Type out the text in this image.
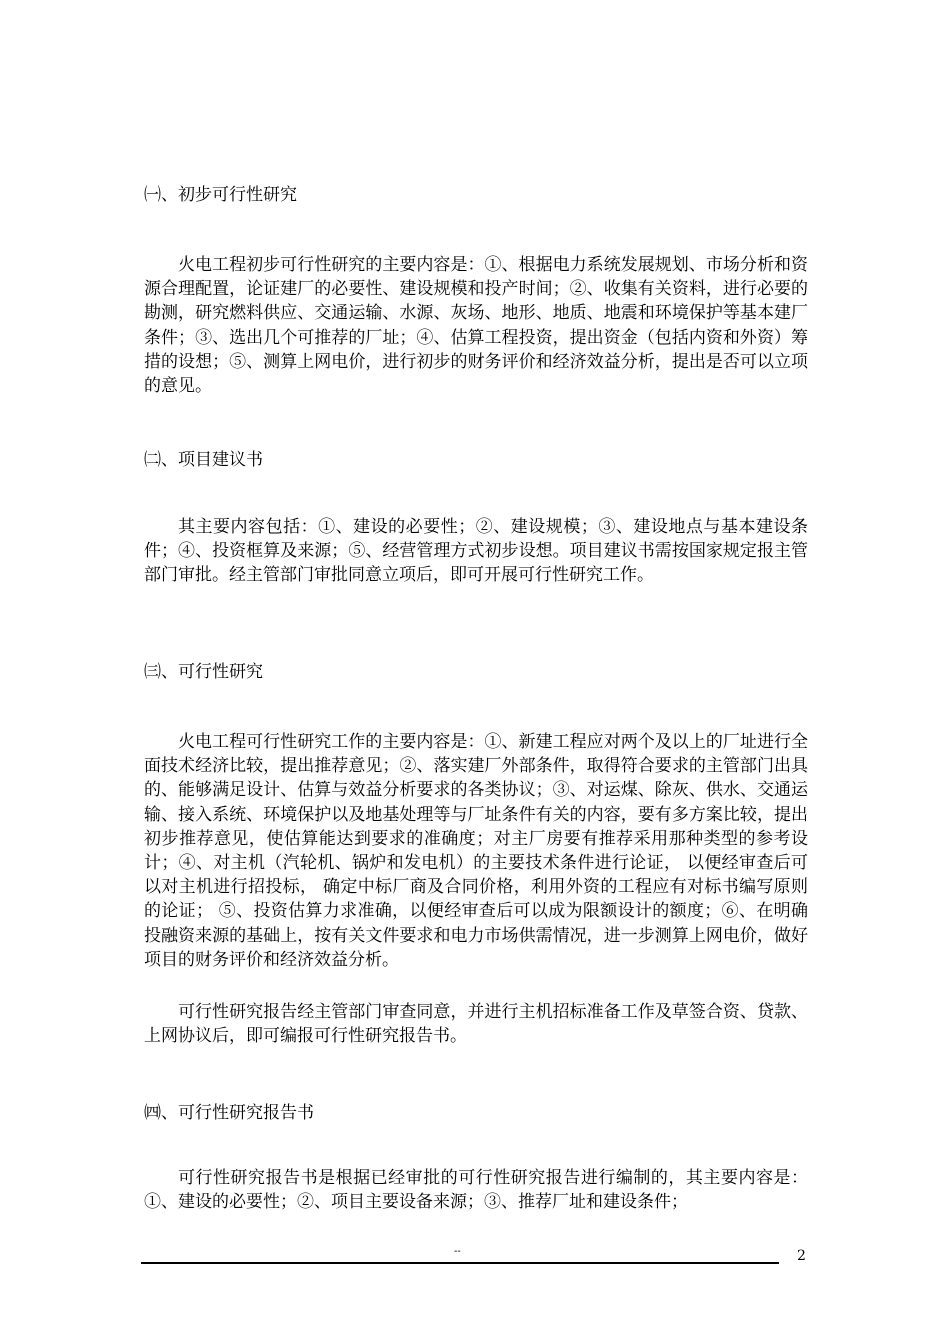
㈠、初步可行性研究

火电工程初步可行性研究的主要内容是：①、根据电力系统发展规划、市场分析和资源合理配置，论证建厂的必要性、建设规模和投产时间；②、收集有关资料，进行必要的勘测，研究燃料供应、交通运输、水源、灰场、地形、地质、地震和环境保护等基本建厂条件；③、选出几个可推荐的厂址；④、估算工程投资，提出资金（包括内资和外资）筹措的设想；⑤、测算上网电价，进行初步的财务评价和经济效益分析，提出是否可以立项的意见。

㈡、项目建议书

其主要内容包括：①、建设的必要性；②、建设规模；③、建设地点与基本建设条件；④、投资框算及来源；⑤、经营管理方式初步设想。项目建议书需按国家规定报主管部门审批。经主管部门审批同意立项后，即可开展可行性研究工作。

㈢、可行性研究

火电工程可行性研究工作的主要内容是：①、新建工程应对两个及以上的厂址进行全面技术经济比较，提出推荐意见；②、落实建厂外部条件，取得符合要求的主管部门出具的、能够满足设计、估算与效益分析要求的各类协议；③、对运煤、除灰、供水、交通运输、接入系统、环境保护以及地基处理等与厂址条件有关的内容，要有多方案比较，提出初步推荐意见，使估算能达到要求的准确度；对主厂房要有推荐采用那种类型的参考设计；④、对主机（汽轮机、锅炉和发电机）的主要技术条件进行论证， 以便经审查后可以对主机进行招投标， 确定中标厂商及合同价格，利用外资的工程应有对标书编写原则的论证； ⑤、投资估算力求准确，以便经审查后可以成为限额设计的额度；⑥、在明确投融资来源的基础上，按有关文件要求和电力市场供需情况，进一步测算上网电价，做好项目的财务评价和经济效益分析。

可行性研究报告经主管部门审查同意，并进行主机招标准备工作及草签合资、贷款、上网协议后，即可编报可行性研究报告书。

㈣、可行性研究报告书

可行性研究报告书是根据已经审批的可行性研究报告进行编制的，其主要内容是：①、建设的必要性；②、项目主要设备来源；③、推荐厂址和建设条件；

--	2
